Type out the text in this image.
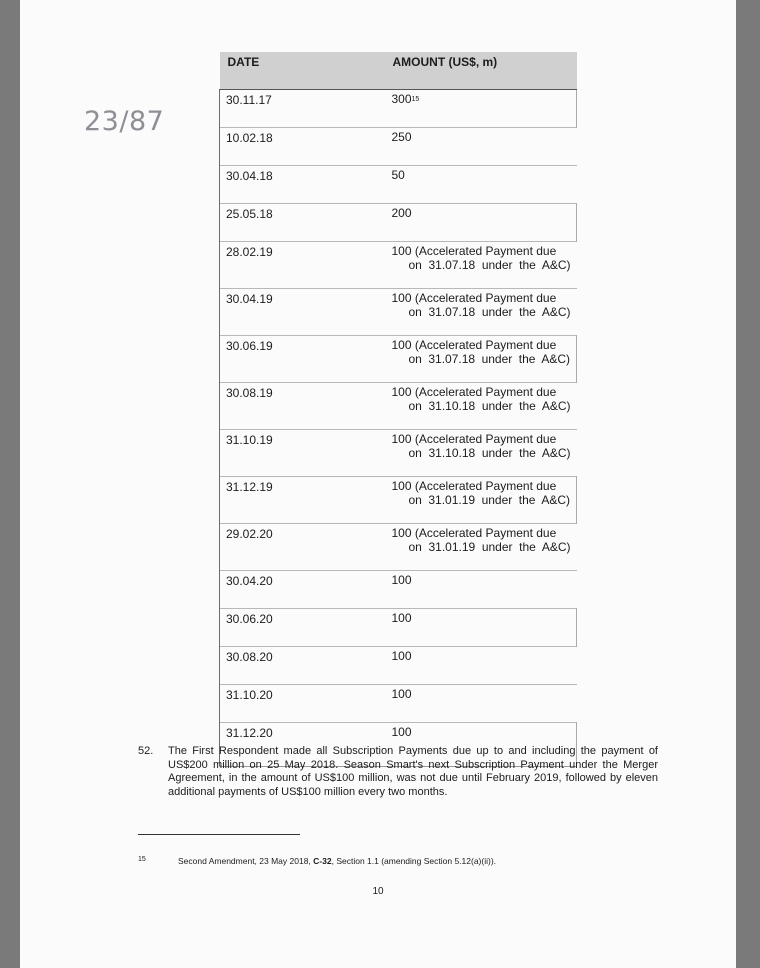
23/87
DATE	AMOUNT (US$, m)
30.11.17	$300^{15}$

10.02.18	250

30.04.18	50

25.05.18	200

28.02.19	100 (Accelerated Payment due
on 31.07.18 under the A&C)

30.04.19	100 (Accelerated Payment due
on 31.07.18 under the A&C)

30.06.19	100 (Accelerated Payment due
on 31.07.18 under the A&C)

30.08.19	100 (Accelerated Payment due
on 31.10.18 under the A&C)

31.10.19	100 (Accelerated Payment due
on 31.10.18 under the A&C)

31.12.19	100 (Accelerated Payment due
on 31.01.19 under the A&C)

29.02.20	100 (Accelerated Payment due
on 31.01.19 under the A&C)

30.04.20	100

30.06.20	100

30.08.20	100

31.10.20	100

31.12.20	100
52. The First Respondent made all Subscription Payments due up to and including the payment of US$200 million on 25 May 2018. Season Smart's next Subscription Payment under the Merger Agreement, in the amount of US$100 million, was not due until February 2019, followed by eleven additional payments of US$100 million every two months.
15	Second Amendment, 23 May 2018, C-32, Section 1.1 (amending Section 5.12(a)(ii)).
10
